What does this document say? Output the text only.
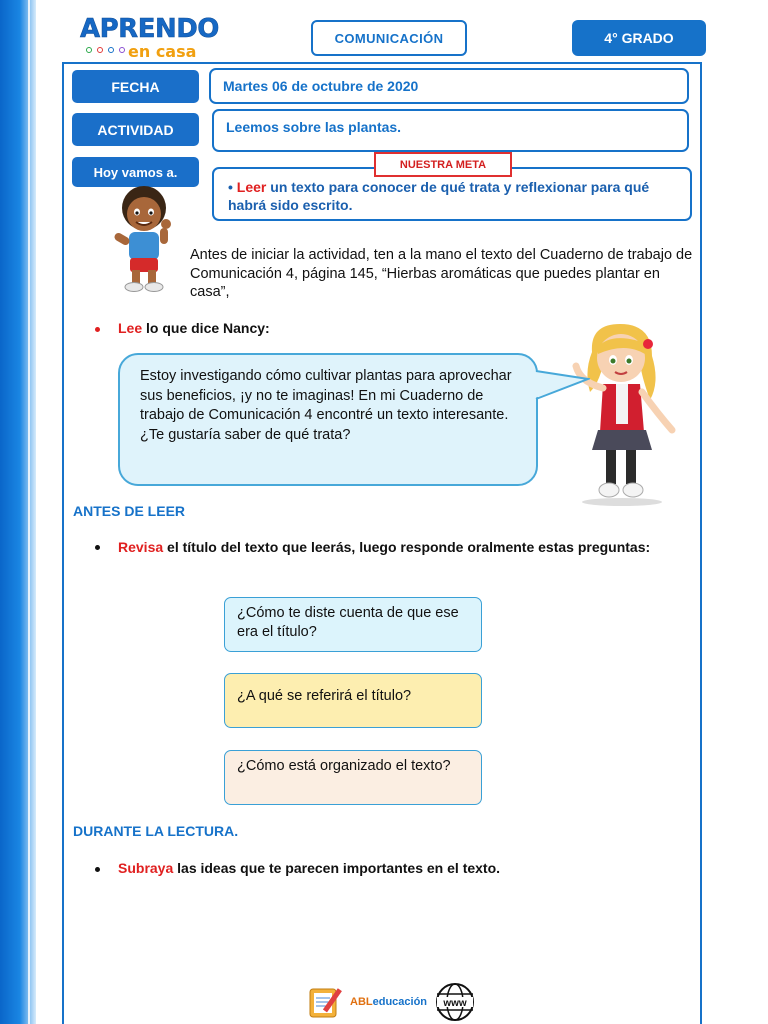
APRENDO
en casa
COMUNICACIÓN	4° GRADO
FECHA	Martes 06 de octubre de 2020
ACTIVIDAD	Leemos sobre las plantas.
Hoy vamos a.	NUESTRA META
• Leer un texto para conocer de qué trata y reflexionar para qué habrá sido escrito.
Antes de iniciar la actividad, ten a la mano el texto del Cuaderno de trabajo de Comunicación 4, página 145, “Hierbas aromáticas que puedes plantar en casa”,
Lee lo que dice Nancy:
Estoy investigando cómo cultivar plantas para aprovechar sus beneficios, ¡y no te imaginas! En mi Cuaderno de trabajo de Comunicación 4 encontré un texto interesante. ¿Te gustaría saber de qué trata?
ANTES DE LEER
Revisa el título del texto que leerás, luego responde oralmente estas preguntas:
¿Cómo te diste cuenta de que ese era el título?
¿A qué se referirá el título?
¿Cómo está organizado el texto?
DURANTE LA LECTURA.
Subraya las ideas que te parecen importantes en el texto.
ABLeducación www
